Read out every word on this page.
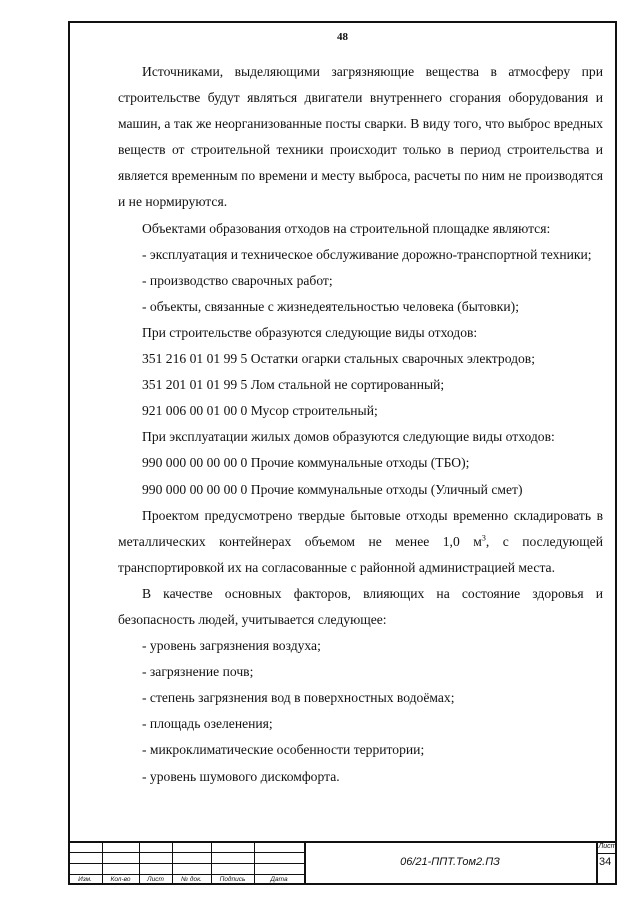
48

Источниками, выделяющими загрязняющие вещества в атмосферу при строительстве будут являться двигатели внутреннего сгорания оборудования и машин, а так же неорганизованные посты сварки. В виду того, что выброс вредных веществ от строительной техники происходит только в период строительства и является временным по времени и месту выброса, расчеты по ним не производятся и не нормируются.

Объектами образования отходов на строительной площадке являются:

- эксплуатация и техническое обслуживание дорожно-транспортной техники;

- производство сварочных работ;

- объекты, связанные с жизнедеятельностью человека (бытовки);

При строительстве образуются следующие виды отходов:

351 216 01 01 99 5 Остатки огарки стальных сварочных электродов;

351 201 01 01 99 5 Лом стальной не сортированный;

921 006 00 01 00 0 Мусор строительный;

При эксплуатации жилых домов образуются следующие виды отходов:

990 000 00 00 00 0 Прочие коммунальные отходы (ТБО);

990 000 00 00 00 0 Прочие коммунальные отходы (Уличный смет)

Проектом предусмотрено твердые бытовые отходы временно складировать в металлических контейнерах объемом не менее 1,0 $м^3$, с последующей транспортировкой их на согласованные с районной администрацией места.

В качестве основных факторов, влияющих на состояние здоровья и безопасность людей, учитывается следующее:

- уровень загрязнения воздуха;

- загрязнение почв;

- степень загрязнения вод в поверхностных водоёмах;

- площадь озеленения;

- микроклиматические особенности территории;

- уровень шумового дискомфорта.

Изм.	Кол-во	Лист	№ док.	Подпись	Дата
06/21-ППТ.Том2.ПЗ
Лист
34
